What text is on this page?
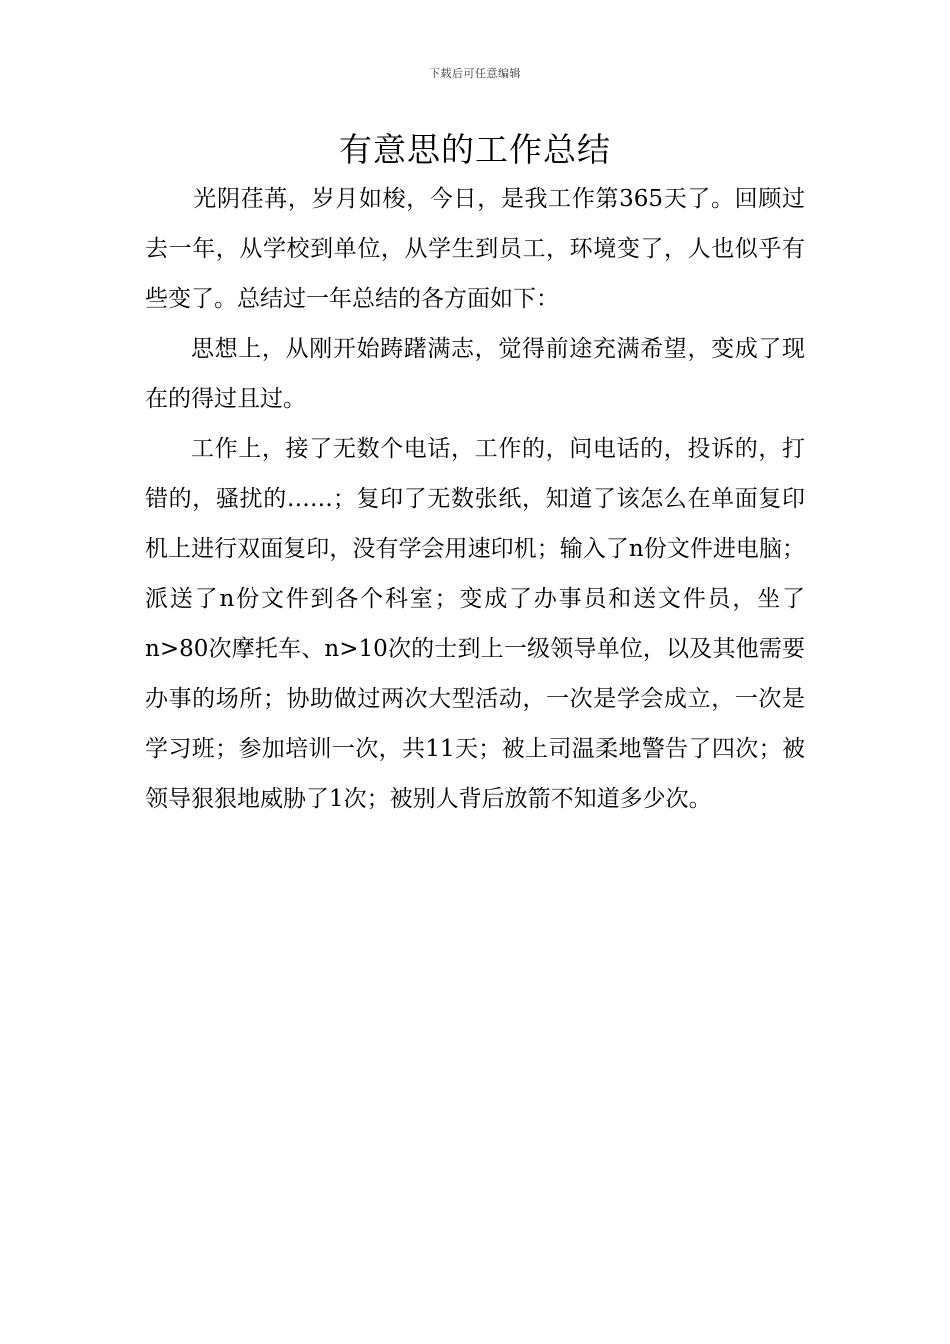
下载后可任意编辑
有意思的工作总结

光阴荏苒，岁月如梭，今日，是我工作第365天了。回顾过去一年，从学校到单位，从学生到员工，环境变了，人也似乎有些变了。总结过一年总结的各方面如下：

思想上，从刚开始踌躇满志，觉得前途充满希望，变成了现在的得过且过。

工作上，接了无数个电话，工作的，问电话的，投诉的，打错的，骚扰的……；复印了无数张纸，知道了该怎么在单面复印机上进行双面复印，没有学会用速印机；输入了n份文件进电脑；派送了n份文件到各个科室；变成了办事员和送文件员，坐了n>80次摩托车、n>10次的士到上一级领导单位，以及其他需要办事的场所；协助做过两次大型活动，一次是学会成立，一次是学习班；参加培训一次，共11天；被上司温柔地警告了四次；被领导狠狠地威胁了1次；被别人背后放箭不知道多少次。
